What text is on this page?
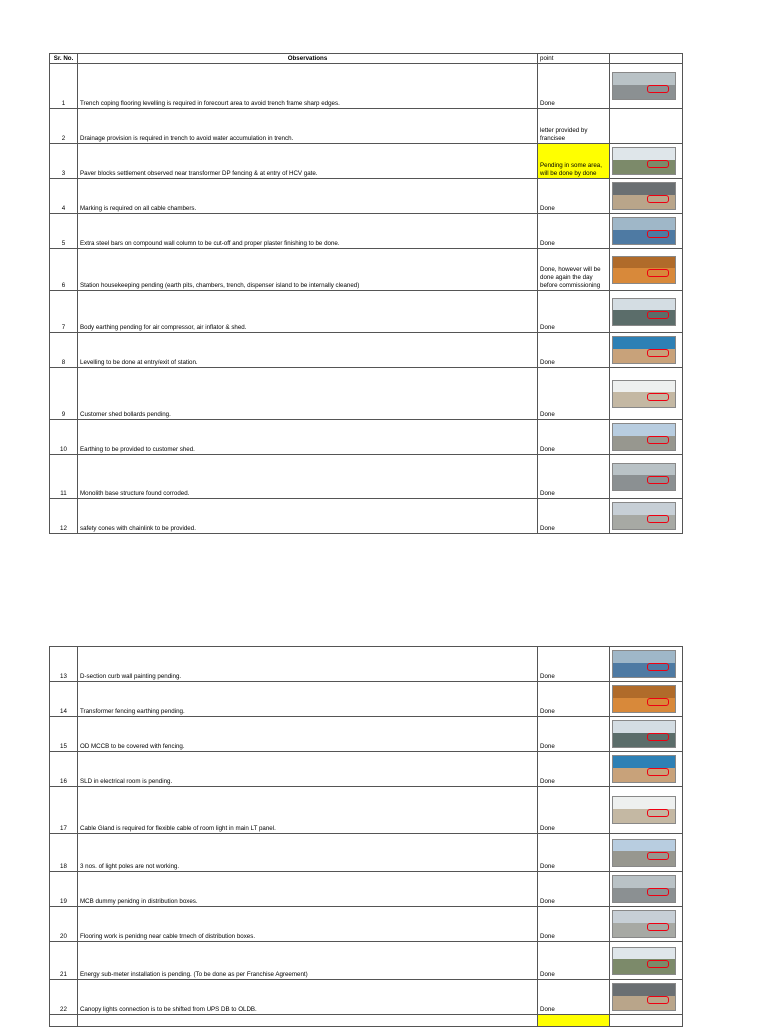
Sr. No.	Observations	point	
1	Trench coping flooring levelling is required in forecourt area to avoid trench frame sharp edges.	Done	

2	Drainage provision is required in trench to avoid water accumulation in trench.	letter provided by francisee	
3	Paver blocks settlement observed near transformer DP fencing & at entry of HCV gate.	Pending in some area, will be done by done	

4	Marking is required on all cable chambers.	Done	

5	Extra steel bars on compound wall column to be cut-off and proper plaster finishing to be done.	Done	

6	Station housekeeping pending (earth pits, chambers, trench, dispenser island to be internally cleaned)	Done, however will be done again the day before commissioning	

7	Body earthing pending for air compressor, air inflator & shed.	Done	

8	Levelling to be done at entry/exit of station.	Done	

9	Customer shed bollards pending.	Done	

10	Earthing to be provided to customer shed.	Done	

11	Monolith base structure found corroded.	Done	

12	safety cones with chainlink to be provided.	Done	
13	D-section curb wall painting pending.	Done	

14	Transformer fencing earthing pending.	Done	

15	OD MCCB to be covered with fencing.	Done	

16	SLD in electrical room is pending.	Done	

17	Cable Gland is required for flexible cable of room light in main LT panel.	Done	

18	3 nos. of light poles are not working.	Done	

19	MCB dummy penidng in distribution boxes.	Done	

20	Flooring work is penidng near cable trnech of distribution boxes.	Done	

21	Energy sub-meter installation is pending. (To be done as per Franchise Agreement)	Done	

22	Canopy lights connection is to be shifted from UPS DB to OLDB.	Done	
